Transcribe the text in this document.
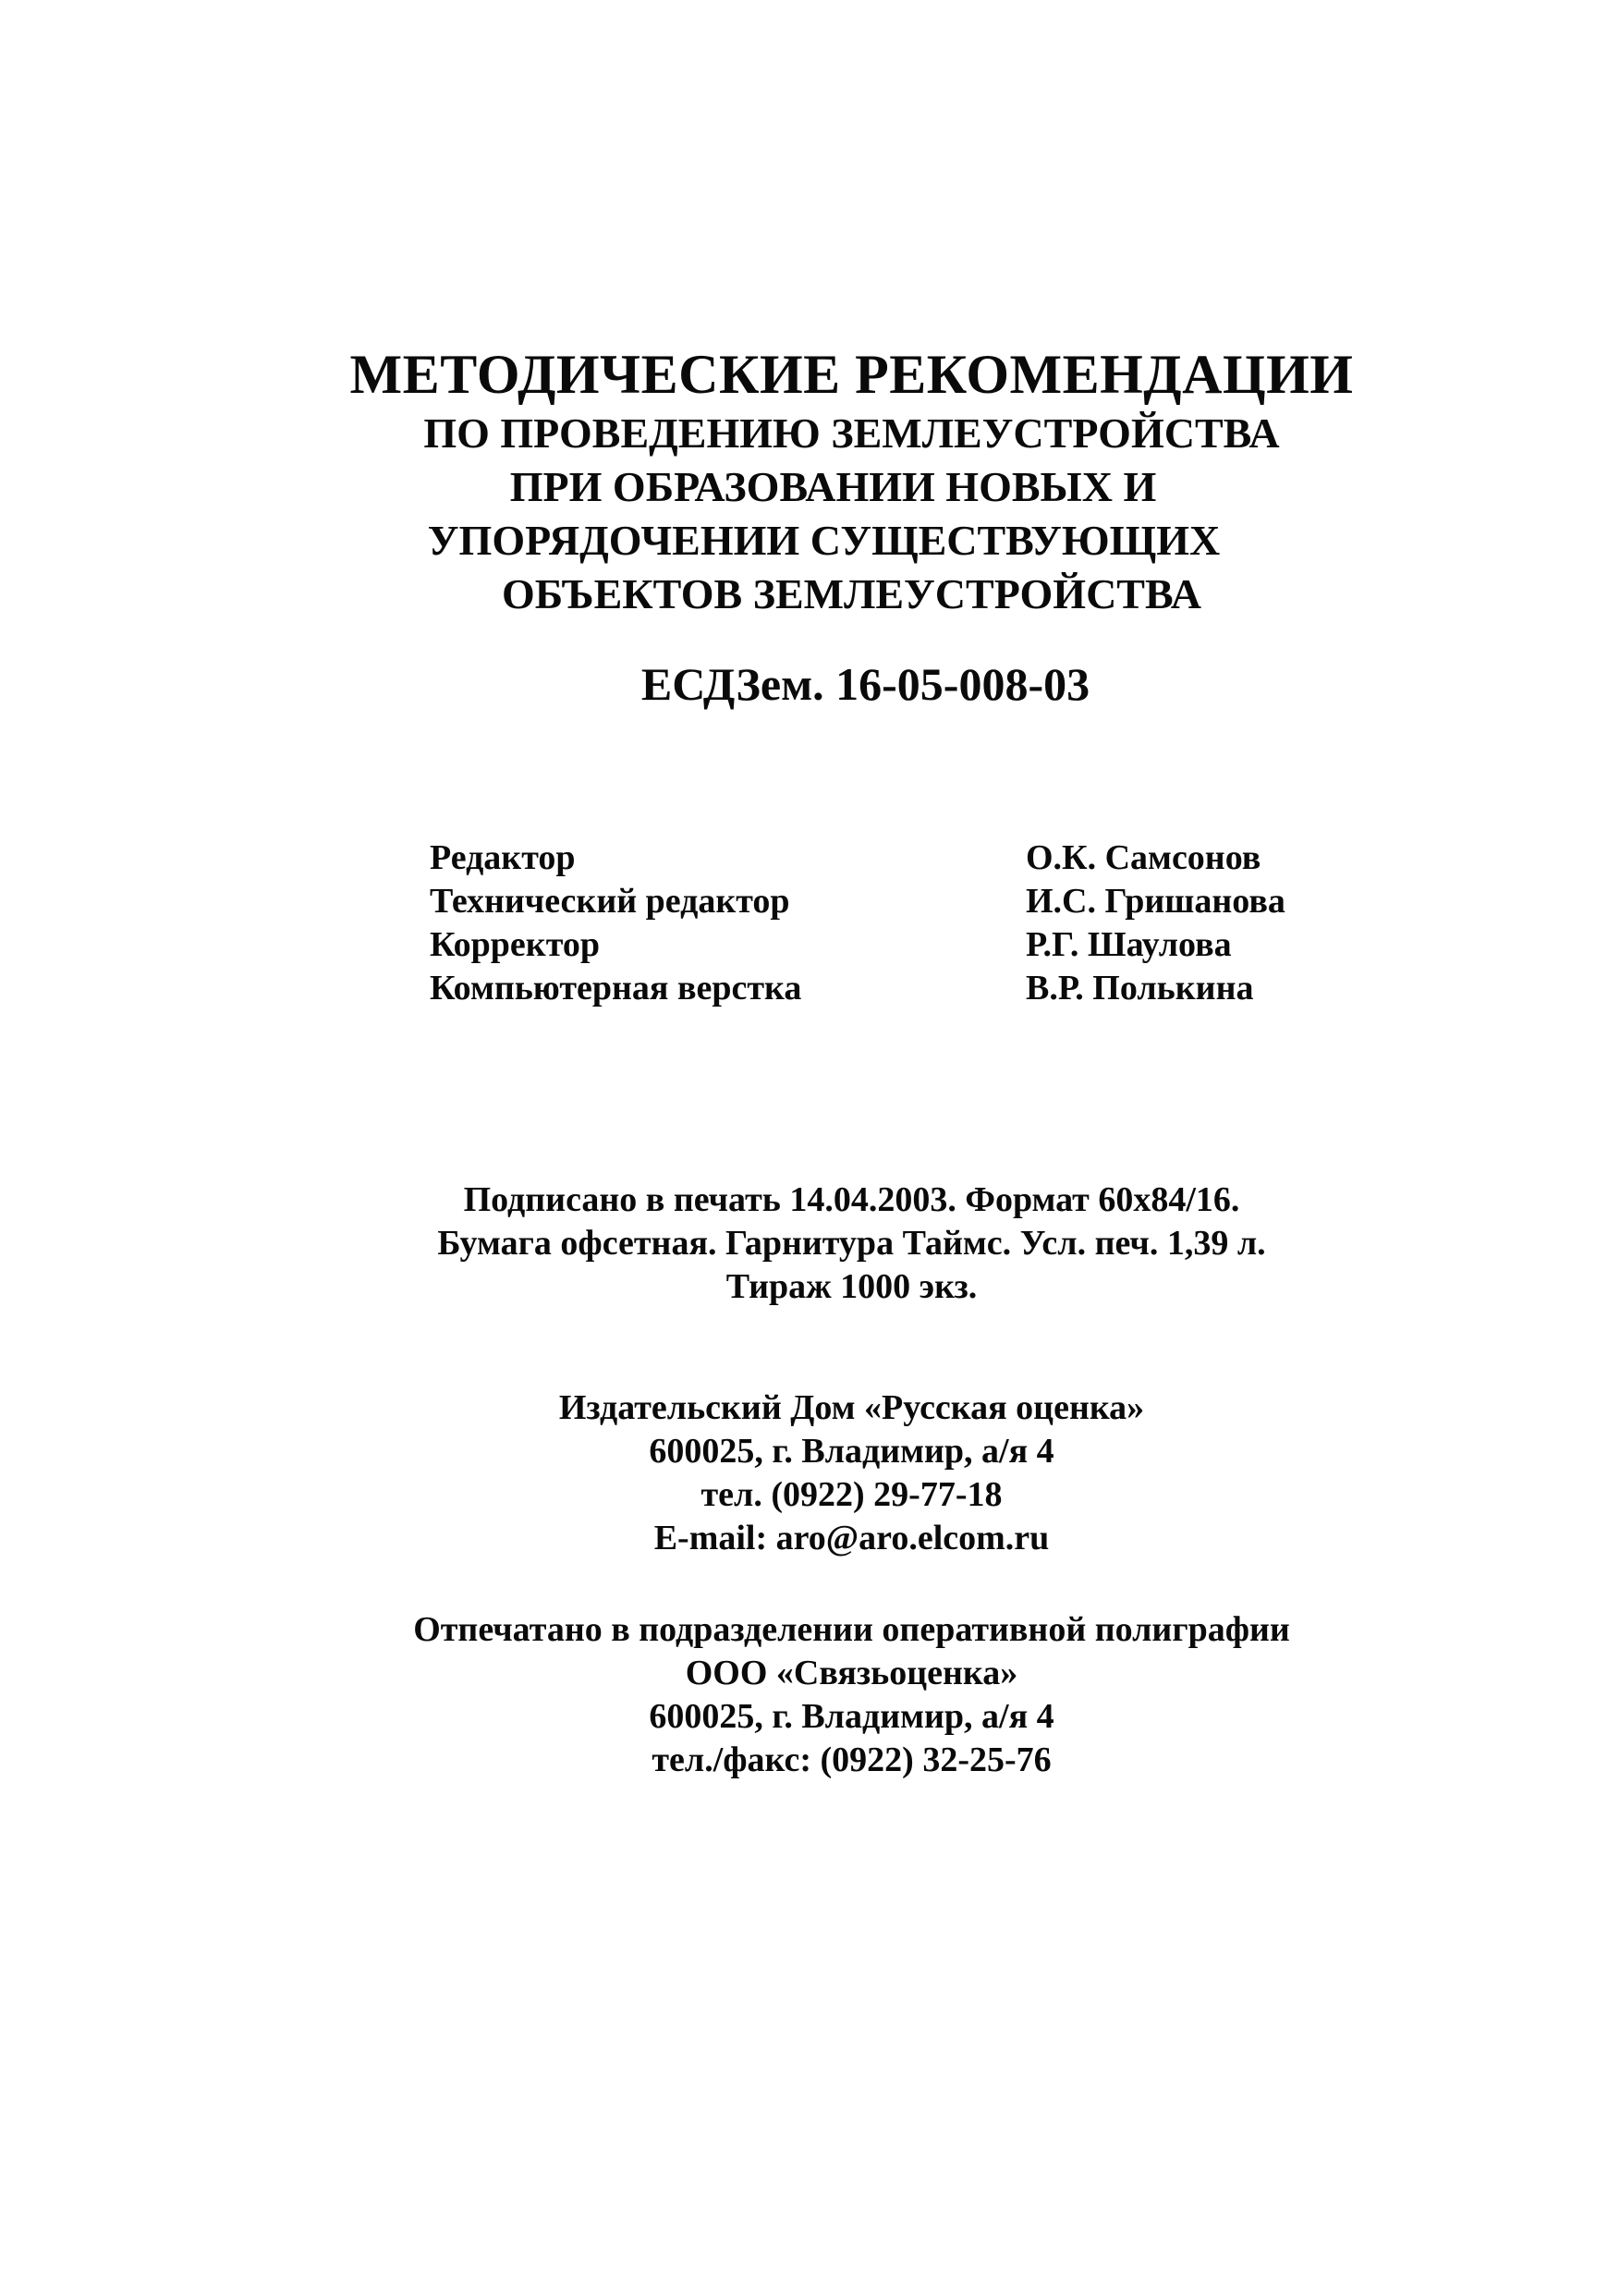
МЕТОДИЧЕСКИЕ РЕКОМЕНДАЦИИ
ПО ПРОВЕДЕНИЮ ЗЕМЛЕУСТРОЙСТВА
ПРИ ОБРАЗОВАНИИ НОВЫХ И
УПОРЯДОЧЕНИИ СУЩЕСТВУЮЩИХ
ОБЪЕКТОВ ЗЕМЛЕУСТРОЙСТВА
ЕСДЗем. 16-05-008-03
Редактор	О.К. Самсонов
Технический редактор	И.С. Гришанова
Корректор	Р.Г. Шаулова
Компьютерная верстка	В.Р. Полькина
Подписано в печать 14.04.2003. Формат 60х84/16.
Бумага офсетная. Гарнитура Таймс. Усл. печ. 1,39 л.
Тираж 1000 экз.
Издательский Дом «Русская оценка»
600025, г. Владимир, а/я 4
тел. (0922) 29-77-18
E-mail: aro@aro.elcom.ru
Отпечатано в подразделении оперативной полиграфии
ООО «Связьоценка»
600025, г. Владимир, а/я 4
тел./факс: (0922) 32-25-76
